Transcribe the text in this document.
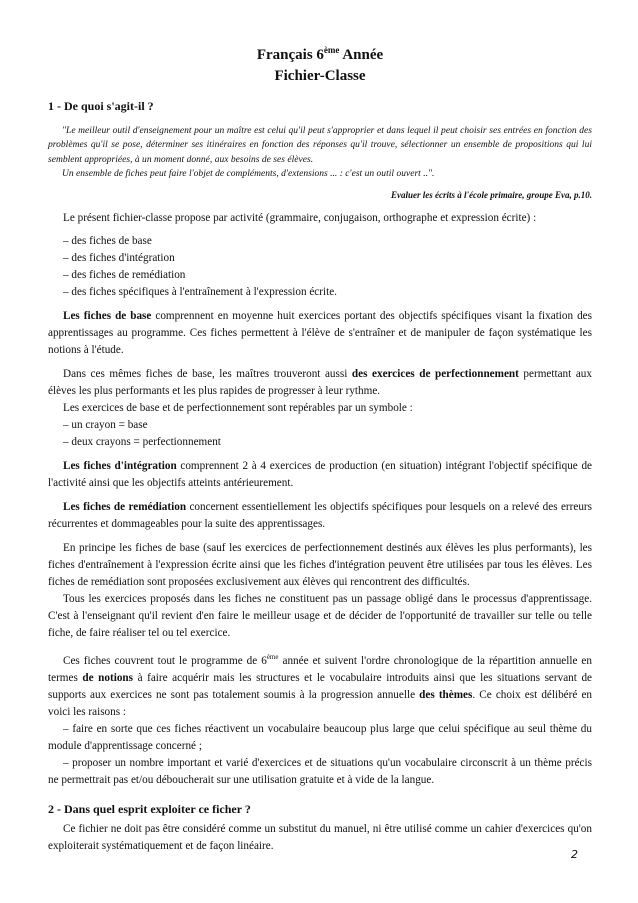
Français 6ème Année
Fichier-Classe
1 - De quoi s'agit-il ?

"Le meilleur outil d'enseignement pour un maître est celui qu'il peut s'approprier et dans lequel il peut choisir ses entrées en fonction des problèmes qu'il se pose, déterminer ses itinéraires en fonction des réponses qu'il trouve, sélectionner un ensemble de propositions qui lui semblent appropriées, à un moment donné, aux besoins de ses élèves.

Un ensemble de fiches peut faire l'objet de compléments, d'extensions ... : c'est un outil ouvert ..".

Evaluer les écrits à l'école primaire, groupe Eva, p.10.

Le présent fichier-classe propose par activité (grammaire, conjugaison, orthographe et expression écrite) :

– des fiches de base
– des fiches d'intégration
– des fiches de remédiation
– des fiches spécifiques à l'entraînement à l'expression écrite.

Les fiches de base comprennent en moyenne huit exercices portant des objectifs spécifiques visant la fixation des apprentissages au programme. Ces fiches permettent à l'élève de s'entraîner et de manipuler de façon systématique les notions à l'étude.

Dans ces mêmes fiches de base, les maîtres trouveront aussi des exercices de perfectionnement permettant aux élèves les plus performants et les plus rapides de progresser à leur rythme.

Les exercices de base et de perfectionnement sont repérables par un symbole :

– un crayon = base
– deux crayons = perfectionnement

Les fiches d'intégration comprennent 2 à 4 exercices de production (en situation) intégrant l'objectif spécifique de l'activité ainsi que les objectifs atteints antérieurement.

Les fiches de remédiation concernent essentiellement les objectifs spécifiques pour lesquels on a relevé des erreurs récurrentes et dommageables pour la suite des apprentissages.

En principe les fiches de base (sauf les exercices de perfectionnement destinés aux élèves les plus performants), les fiches d'entraînement à l'expression écrite ainsi que les fiches d'intégration peuvent être utilisées par tous les élèves. Les fiches de remédiation sont proposées exclusivement aux élèves qui rencontrent des difficultés.

Tous les exercices proposés dans les fiches ne constituent pas un passage obligé dans le processus d'apprentissage. C'est à l'enseignant qu'il revient d'en faire le meilleur usage et de décider de l'opportunité de travailler sur telle ou telle fiche, de faire réaliser tel ou tel exercice.

Ces fiches couvrent tout le programme de 6ème année et suivent l'ordre chronologique de la répartition annuelle en termes de notions à faire acquérir mais les structures et le vocabulaire introduits ainsi que les situations servant de supports aux exercices ne sont pas totalement soumis à la progression annuelle des thèmes. Ce choix est délibéré en voici les raisons :

– faire en sorte que ces fiches réactivent un vocabulaire beaucoup plus large que celui spécifique au seul thème du module d'apprentissage concerné ;

– proposer un nombre important et varié d'exercices et de situations qu'un vocabulaire circonscrit à un thème précis ne permettrait pas et/ou déboucherait sur une utilisation gratuite et à vide de la langue.

2 - Dans quel esprit exploiter ce ficher ?

Ce fichier ne doit pas être considéré comme un substitut du manuel, ni être utilisé comme un cahier d'exercices qu'on exploiterait systématiquement et de façon linéaire.

2
